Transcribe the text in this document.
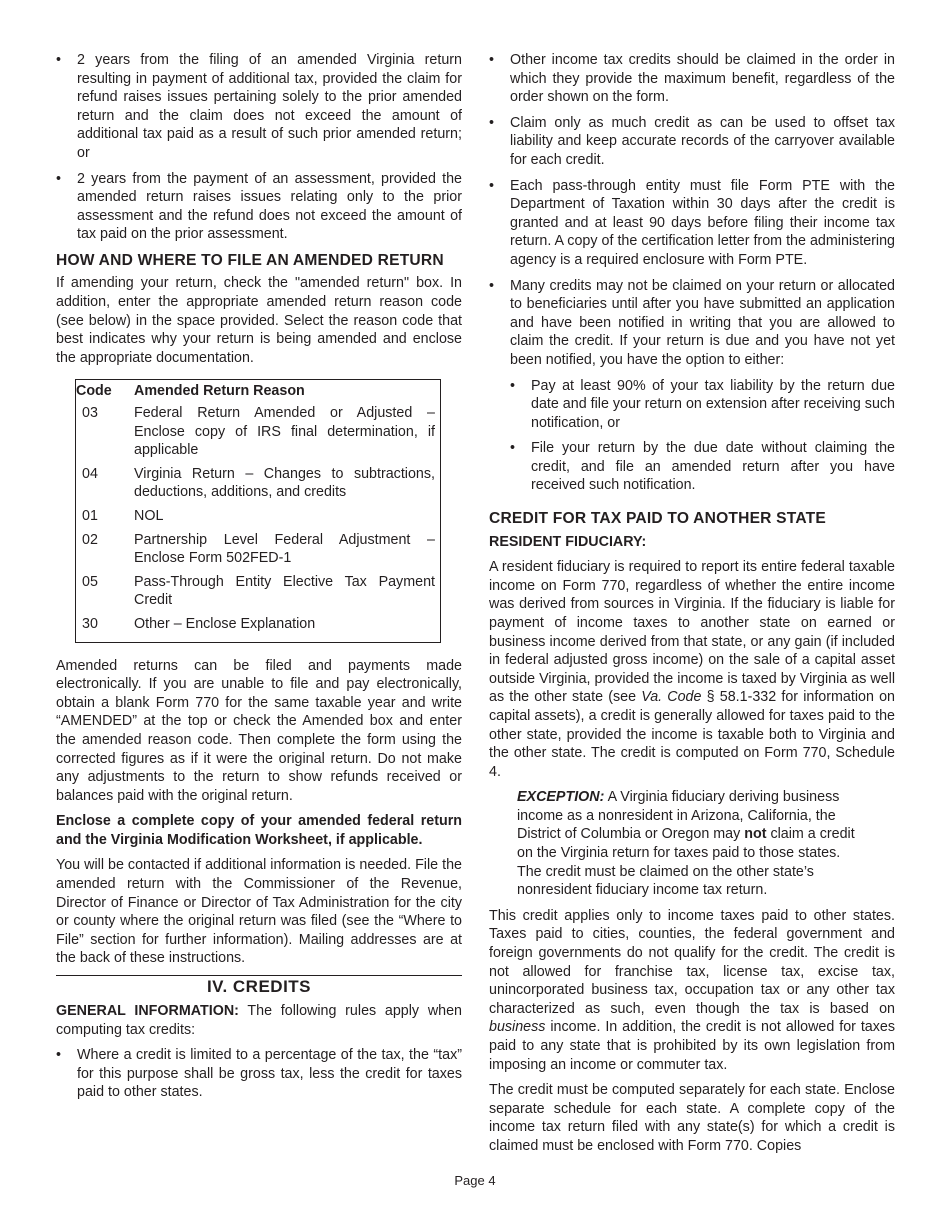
• 2 years from the filing of an amended Virginia return resulting in payment of additional tax, provided the claim for refund raises issues pertaining solely to the prior amended return and the claim does not exceed the amount of additional tax paid as a result of such prior amended return; or
• 2 years from the payment of an assessment, provided the amended return raises issues relating only to the prior assessment and the refund does not exceed the amount of tax paid on the prior assessment.
HOW AND WHERE TO FILE AN AMENDED RETURN

If amending your return, check the "amended return" box. In addition, enter the appropriate amended return reason code (see below) in the space provided. Select the reason code that best indicates why your return is being amended and enclose the appropriate documentation.

Code	Amended Return Reason
03	Federal Return Amended or Adjusted – Enclose copy of IRS final determination, if applicable
04	Virginia Return – Changes to subtractions, deductions, additions, and credits
01	NOL
02	Partnership Level Federal Adjustment – Enclose Form 502FED-1
05	Pass-Through Entity Elective Tax Payment Credit
30	Other – Enclose Explanation

Amended returns can be filed and payments made electronically. If you are unable to file and pay electronically, obtain a blank Form 770 for the same taxable year and write “AMENDED” at the top or check the Amended box and enter the amended reason code. Then complete the form using the corrected figures as if it were the original return. Do not make any adjustments to the return to show refunds received or balances paid with the original return.

Enclose a complete copy of your amended federal return and the Virginia Modification Worksheet, if applicable.

You will be contacted if additional information is needed. File the amended return with the Commissioner of the Revenue, Director of Finance or Director of Tax Administration for the city or county where the original return was filed (see the “Where to File” section for further information). Mailing addresses are at the back of these instructions.

IV. CREDITS

GENERAL INFORMATION: The following rules apply when computing tax credits:

• Where a credit is limited to a percentage of the tax, the “tax” for this purpose shall be gross tax, less the credit for taxes paid to other states.
• Other income tax credits should be claimed in the order in which they provide the maximum benefit, regardless of the order shown on the form.
• Claim only as much credit as can be used to offset tax liability and keep accurate records of the carryover available for each credit.
• Each pass-through entity must file Form PTE with the Department of Taxation within 30 days after the credit is granted and at least 90 days before filing their income tax return. A copy of the certification letter from the administering agency is a required enclosure with Form PTE.
• Many credits may not be claimed on your return or allocated to beneficiaries until after you have submitted an application and have been notified in writing that you are allowed to claim the credit. If your return is due and you have not yet been notified, you have the option to either:
• Pay at least 90% of your tax liability by the return due date and file your return on extension after receiving such notification, or
• File your return by the due date without claiming the credit, and file an amended return after you have received such notification.
CREDIT FOR TAX PAID TO ANOTHER STATE
RESIDENT FIDUCIARY:

A resident fiduciary is required to report its entire federal taxable income on Form 770, regardless of whether the entire income was derived from sources in Virginia. If the fiduciary is liable for payment of income taxes to another state on earned or business income derived from that state, or any gain (if included in federal adjusted gross income) on the sale of a capital asset outside Virginia, provided the income is taxed by Virginia as well as the other state (see Va. Code § 58.1-332 for information on capital assets), a credit is generally allowed for taxes paid to the other state, provided the income is taxable both to Virginia and the other state. The credit is computed on Form 770, Schedule 4.

EXCEPTION: A Virginia fiduciary deriving business income as a nonresident in Arizona, California, the District of Columbia or Oregon may not claim a credit on the Virginia return for taxes paid to those states. The credit must be claimed on the other state’s nonresident fiduciary income tax return.

This credit applies only to income taxes paid to other states. Taxes paid to cities, counties, the federal government and foreign governments do not qualify for the credit. The credit is not allowed for franchise tax, license tax, excise tax, unincorporated business tax, occupation tax or any other tax characterized as such, even though the tax is based on business income. In addition, the credit is not allowed for taxes paid to any state that is prohibited by its own legislation from imposing an income or commuter tax.

The credit must be computed separately for each state. Enclose separate schedule for each state. A complete copy of the income tax return filed with any state(s) for which a credit is claimed must be enclosed with Form 770. Copies

Page 4
